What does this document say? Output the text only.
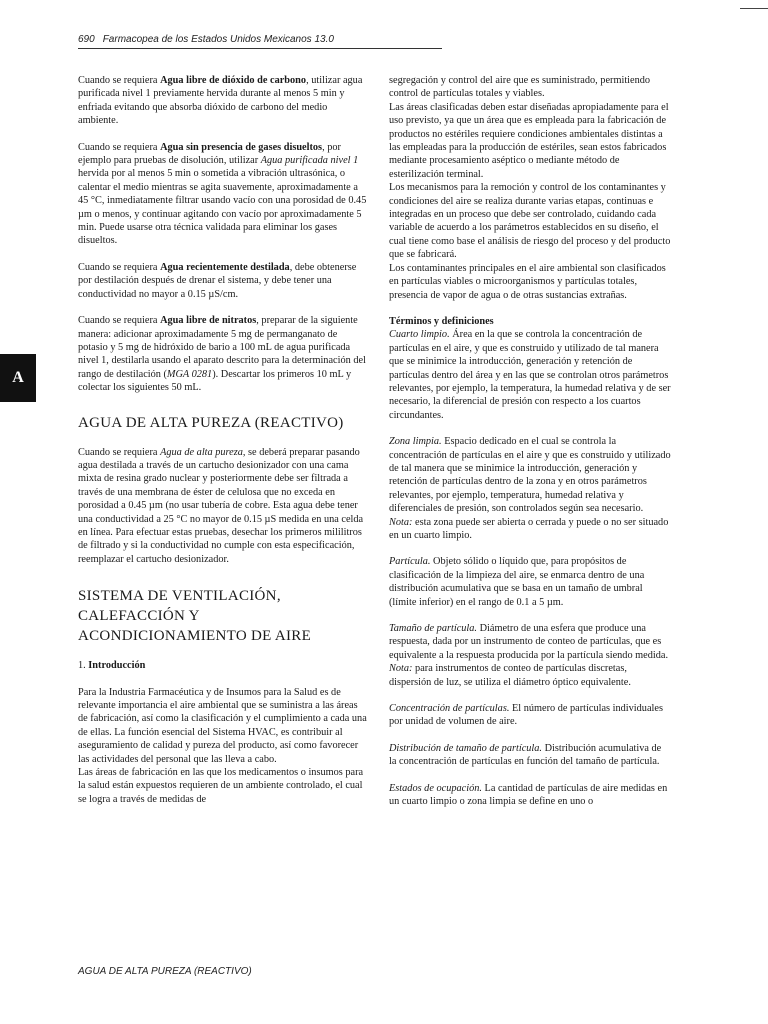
690 Farmacopea de los Estados Unidos Mexicanos 13.0
A

Cuando se requiera Agua libre de dióxido de carbono, utilizar agua purificada nivel 1 previamente hervida durante al menos 5 min y enfriada evitando que absorba dióxido de carbono del medio ambiente.

Cuando se requiera Agua sin presencia de gases disueltos, por ejemplo para pruebas de disolución, utilizar Agua purificada nivel 1 hervida por al menos 5 min o sometida a vibración ultrasónica, o calentar el medio mientras se agita suavemente, aproximadamente a 45 °C, inmediatamente filtrar usando vacío con una porosidad de 0.45 µm o menos, y continuar agitando con vacío por aproximadamente 5 min. Puede usarse otra técnica validada para eliminar los gases disueltos.

Cuando se requiera Agua recientemente destilada, debe obtenerse por destilación después de drenar el sistema, y debe tener una conductividad no mayor a 0.15 µS/cm.

Cuando se requiera Agua libre de nitratos, preparar de la siguiente manera: adicionar aproximadamente 5 mg de permanganato de potasio y 5 mg de hidróxido de bario a 100 mL de agua purificada nivel 1, destilarla usando el aparato descrito para la determinación del rango de destilación (MGA 0281). Descartar los primeros 10 mL y colectar los siguientes 50 mL.

AGUA DE ALTA PUREZA (REACTIVO)

Cuando se requiera Agua de alta pureza, se deberá preparar pasando agua destilada a través de un cartucho desionizador con una cama mixta de resina grado nuclear y posteriormente debe ser filtrada a través de una membrana de éster de celulosa que no exceda en porosidad a 0.45 µm (no usar tubería de cobre. Esta agua debe tener una conductividad a 25 °C no mayor de 0.15 µS medida en una celda en línea. Para efectuar estas pruebas, desechar los primeros mililitros de filtrado y si la conductividad no cumple con esta especificación, reemplazar el cartucho desionizador.

SISTEMA DE VENTILACIÓN, CALEFACCIÓN Y ACONDICIONAMIENTO DE AIRE

1. Introducción

Para la Industria Farmacéutica y de Insumos para la Salud es de relevante importancia el aire ambiental que se suministra a las áreas de fabricación, así como la clasificación y el cumplimiento a cada una de ellas. La función esencial del Sistema HVAC, es contribuir al aseguramiento de calidad y pureza del producto, así como favorecer las actividades del personal que las lleva a cabo.

Las áreas de fabricación en las que los medicamentos o insumos para la salud están expuestos requieren de un ambiente controlado, el cual se logra a través de medidas de

segregación y control del aire que es suministrado, permitiendo control de partículas totales y viables.

Las áreas clasificadas deben estar diseñadas apropiadamente para el uso previsto, ya que un área que es empleada para la fabricación de productos no estériles requiere condiciones ambientales distintas a las empleadas para la producción de estériles, sean estos fabricados mediante procesamiento aséptico o mediante método de esterilización terminal.

Los mecanismos para la remoción y control de los contaminantes y condiciones del aire se realiza durante varias etapas, continuas e integradas en un proceso que debe ser controlado, cuidando cada variable de acuerdo a los parámetros establecidos en su diseño, el cual tiene como base el análisis de riesgo del proceso y del producto que se fabricará.

Los contaminantes principales en el aire ambiental son clasificados en partículas viables o microorganismos y partículas totales, presencia de vapor de agua o de otras sustancias extrañas.

Términos y definiciones

Cuarto limpio. Área en la que se controla la concentración de partículas en el aire, y que es construido y utilizado de tal manera que se minimice la introducción, generación y retención de partículas dentro del área y en las que se controlan otros parámetros relevantes, por ejemplo, la temperatura, la humedad relativa y de ser necesario, la diferencial de presión con respecto a los cuartos circundantes.

Zona limpia. Espacio dedicado en el cual se controla la concentración de partículas en el aire y que es construido y utilizado de tal manera que se minimice la introducción, generación y retención de partículas dentro de la zona y en otros parámetros relevantes, por ejemplo, temperatura, humedad relativa y diferenciales de presión, son controlados según sea necesario.

Nota: esta zona puede ser abierta o cerrada y puede o no ser situado en un cuarto limpio.

Partícula. Objeto sólido o líquido que, para propósitos de clasificación de la limpieza del aire, se enmarca dentro de una distribución acumulativa que se basa en un tamaño de umbral (límite inferior) en el rango de 0.1 a 5 µm.

Tamaño de partícula. Diámetro de una esfera que produce una respuesta, dada por un instrumento de conteo de partículas, que es equivalente a la respuesta producida por la partícula siendo medida.

Nota: para instrumentos de conteo de partículas discretas, dispersión de luz, se utiliza el diámetro óptico equivalente.

Concentración de partículas. El número de partículas individuales por unidad de volumen de aire.

Distribución de tamaño de partícula. Distribución acumulativa de la concentración de partículas en función del tamaño de partícula.

Estados de ocupación. La cantidad de partículas de aire medidas en un cuarto limpio o zona limpia se define en uno o

AGUA DE ALTA PUREZA (REACTIVO)
